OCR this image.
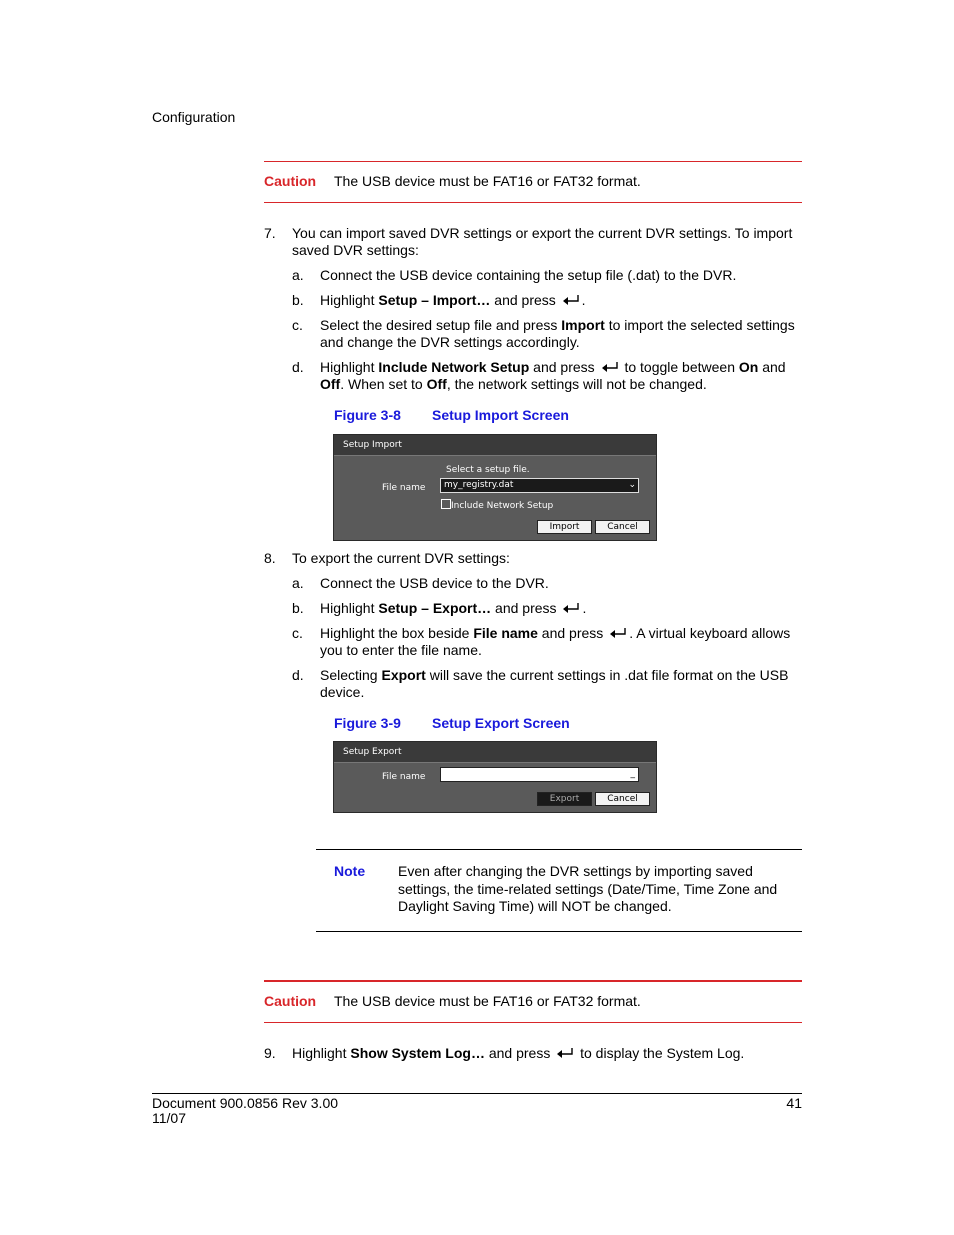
Configuration
Caution The USB device must be FAT16 or FAT32 format.
7. You can import saved DVR settings or export the current DVR settings. To import saved DVR settings:
a. Connect the USB device containing the setup file (.dat) to the DVR.
b. Highlight Setup – Import… and press .
c. Select the desired setup file and press Import to import the selected settings and change the DVR settings accordingly.
d. Highlight Include Network Setup and press  to toggle between On and Off. When set to Off, the network settings will not be changed.
Figure 3-8 Setup Import Screen
Setup Import
Select a setup file.
File name	my_registry.dat	⌄
Include Network Setup
Import	Cancel
8. To export the current DVR settings:
a. Connect the USB device to the DVR.
b. Highlight Setup – Export… and press .
c. Highlight the box beside File name and press . A virtual keyboard allows you to enter the file name.
d. Selecting Export will save the current settings in .dat file format on the USB device.
Figure 3-9 Setup Export Screen
Setup Export
File name	_
Export	Cancel
Note Even after changing the DVR settings by importing saved settings, the time-related settings (Date/Time, Time Zone and Daylight Saving Time) will NOT be changed.
Caution The USB device must be FAT16 or FAT32 format.
9. Highlight Show System Log… and press  to display the System Log.
Document 900.0856 Rev 3.00
11/07
41
